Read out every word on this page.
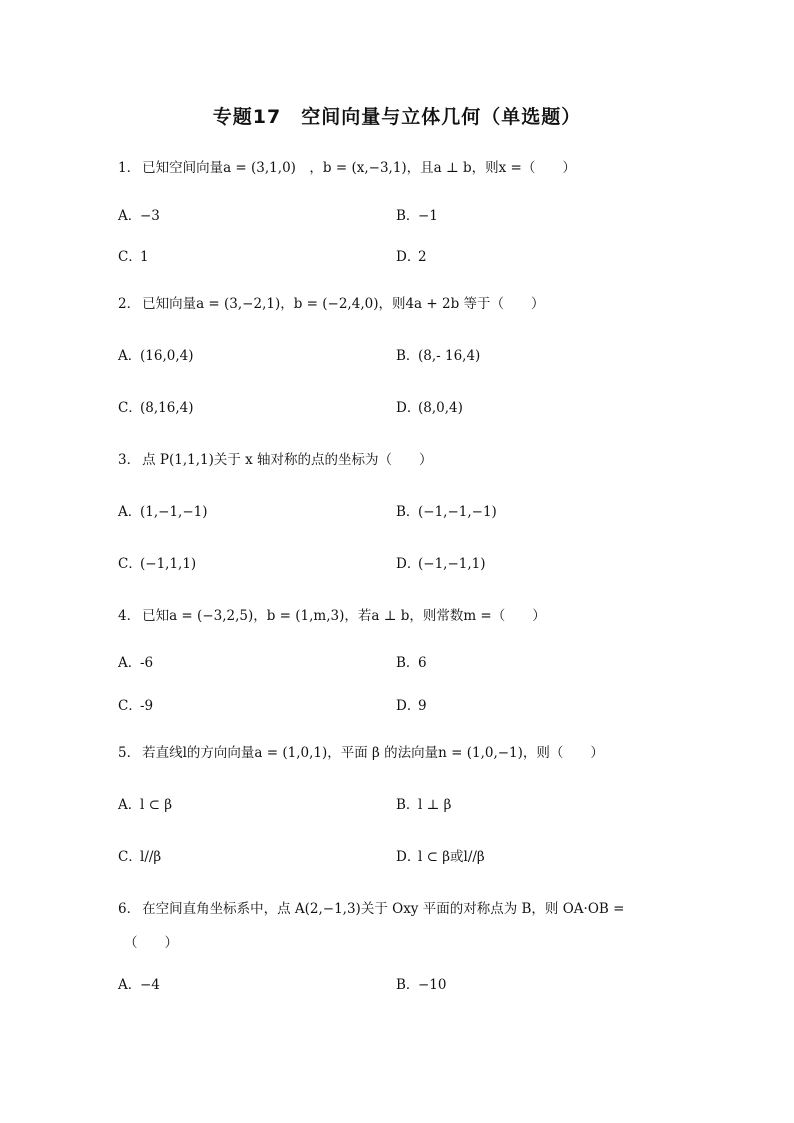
专题17　空间向量与立体几何（单选题）
1． 已知空间向量a = (3,1,0)　，b = (x,−3,1)，且a ⊥ b，则x =（　　）
A．−3	B．−1
C．1	D．2
2． 已知向量a = (3,−2,1)，b = (−2,4,0)，则4a + 2b 等于（　　）
A．(16,0,4)	B．(8,- 16,4)
C．(8,16,4)	D．(8,0,4)
3． 点 P(1,1,1)关于 x 轴对称的点的坐标为（　　）
A．(1,−1,−1)	B．(−1,−1,−1)
C．(−1,1,1)	D．(−1,−1,1)
4． 已知a = (−3,2,5)，b = (1,m,3)，若a ⊥ b，则常数m =（　　）
A．-6	B．6
C．-9	D．9
5． 若直线l的方向向量a = (1,0,1)，平面 β 的法向量n = (1,0,−1)，则（　　）
A．l ⊂ β	B．l ⊥ β
C．l//β	D．l ⊂ β或l//β
6． 在空间直角坐标系中，点 A(2,−1,3)关于 Oxy 平面的对称点为 B，则 OA·OB =
（　　）
A．−4	B．−10
